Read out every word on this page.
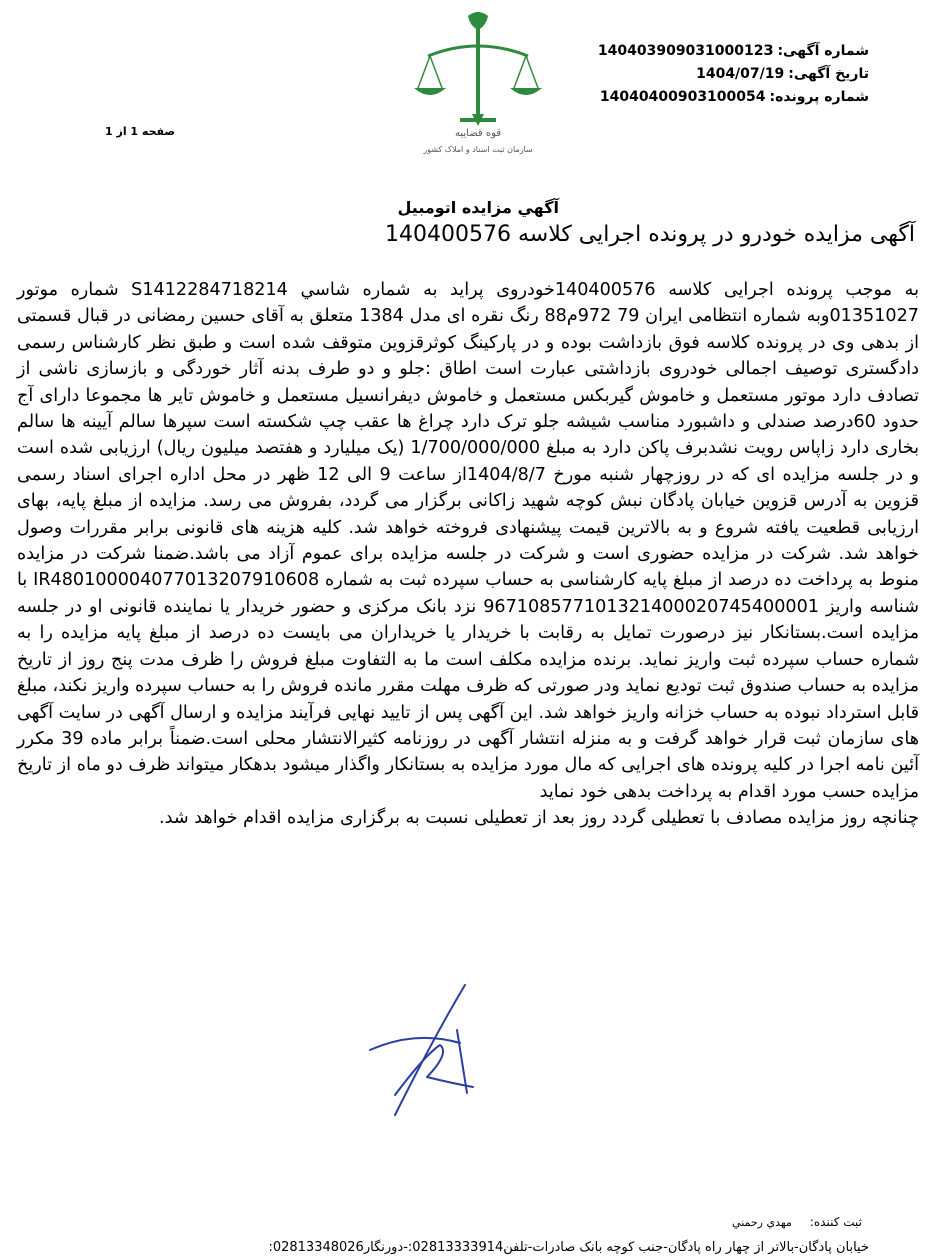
شماره آگهی:14040390903100012З
تاریخ آگهی:1404/07/19
شماره پرونده:14040400903100054
قوه قضاييه
سازمان ثبت اسناد و املاک کشور
صفحه 1 از 1
آگهي مزايده اتومبيل
آگهی مزایده خودرو در پرونده اجرایی کلاسه 140400576

به موجب پرونده اجرایی کلاسه 140400576خودروی پراید به شماره شاسي S1412284718214 شماره موتور 01351027وبه شماره انتظامی ایران 79 972م88 رنگ نقره ای مدل 1384 متعلق به آقای حسین رمضانی در قبال قسمتی از بدهی وی در پرونده کلاسه فوق بازداشت بوده و در پارکینگ کوثرقزوین متوقف شده است و طبق نظر کارشناس رسمی دادگستری توصیف اجمالی خودروی بازداشتی عبارت است اطاق :جلو و دو طرف بدنه آثار خوردگی و بازسازی ناشی از تصادف دارد موتور مستعمل و خاموش گیربکس مستعمل و خاموش دیفرانسیل مستعمل و خاموش تایر ها مجموعا دارای آج حدود 60درصد صندلی و داشبورد مناسب شیشه جلو ترک دارد چراغ ها عقب چپ شکسته است سپرها سالم آیینه ها سالم بخاری دارد زاپاس رویت نشدبرف پاکن دارد به مبلغ 1/700/000/000 (یک میلیارد و هفتصد میلیون ریال) ارزیابی شده است و در جلسه مزایده ای که در روزچهار شنبه مورخ 1404/8/7از ساعت 9 الی 12 ظهر در محل اداره اجرای اسناد رسمی قزوین به آدرس قزوین خیابان پادگان نبش کوچه شهید زاکانی برگزار می گردد، بفروش می رسد. مزایده از مبلغ پایه، بهای ارزیابی قطعیت یافته شروع و به بالاترین قیمت پیشنهادی فروخته خواهد شد. کلیه هزینه های قانونی برابر مقررات وصول خواهد شد. شرکت در مزایده حضوری است و شرکت در جلسه مزایده برای عموم آزاد می باشد.ضمنا شرکت در مزایده منوط به پرداخت ده درصد از مبلغ پایه کارشناسی به حساب سپرده ثبت به شماره IR480100004077013207910608 با شناسه واریز 967108577101321400020745400001 نزد بانک مرکزی و حضور خریدار یا نماینده قانونی او در جلسه مزایده است.بستانکار نیز درصورت تمایل به رقابت با خریدار یا خریداران می بایست ده درصد از مبلغ پایه مزایده را به شماره حساب سپرده ثبت واریز نماید. برنده مزایده مکلف است ما به التفاوت مبلغ فروش را ظرف مدت پنج روز از تاریخ مزایده به حساب صندوق ثبت تودیع نماید ودر صورتی که ظرف مهلت مقرر مانده فروش را به حساب سپرده واریز نکند، مبلغ قابل استرداد نبوده به حساب خزانه واریز خواهد شد. این آگهی پس از تایید نهایی فرآیند مزایده و ارسال آگهی در سایت آگهی های سازمان ثبت قرار خواهد گرفت و به منزله انتشار آگهی در روزنامه کثیرالانتشار محلی است.ضمناً برابر ماده 39 مکرر آئین نامه اجرا در کلیه پرونده های اجرایی که مال مورد مزایده به بستانکار واگذار میشود بدهکار میتواند ظرف دو ماه از تاریخ مزایده حسب مورد اقدام به پرداخت بدهی خود نماید

چنانچه روز مزایده مصادف با تعطیلی گردد روز بعد از تعطیلی نسبت به برگزاری مزایده اقدام خواهد شد.

ثبت کننده:مهدي رحمني
خيابان پادگان-بالاتر از چهار راه پادگان-جنب کوچه بانک صادرات-تلفن02813333914:-دورنگار02813348026:
